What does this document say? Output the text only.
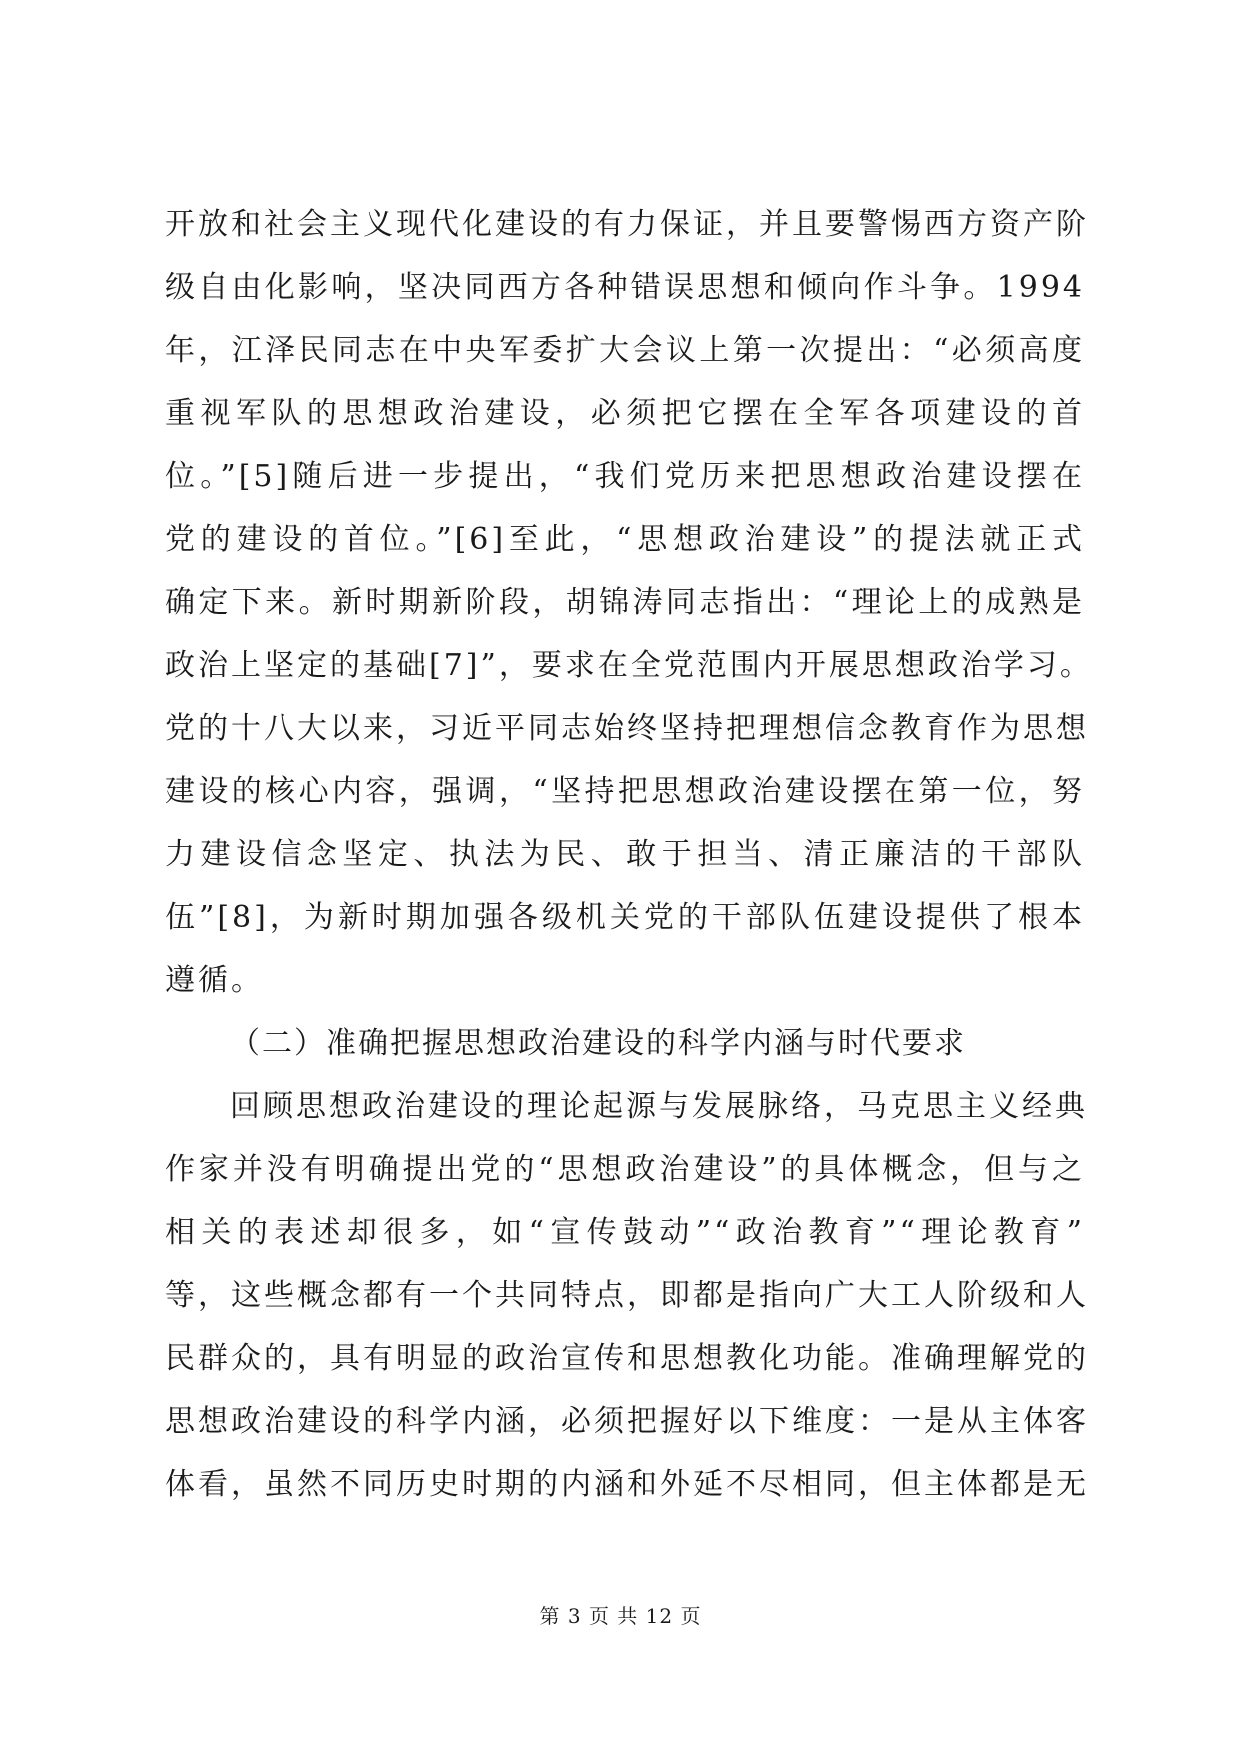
开放和社会主义现代化建设的有力保证，并且要警惕西方资产阶
级自由化影响，坚决同西方各种错误思想和倾向作斗争。1994
年，江泽民同志在中央军委扩大会议上第一次提出：“必须高度
重视军队的思想政治建设，必须把它摆在全军各项建设的首
位。”[5]随后进一步提出，“我们党历来把思想政治建设摆在
党的建设的首位。”[6]至此，“思想政治建设”的提法就正式
确定下来。新时期新阶段，胡锦涛同志指出：“理论上的成熟是
政治上坚定的基础[7]”，要求在全党范围内开展思想政治学习。
党的十八大以来，习近平同志始终坚持把理想信念教育作为思想
建设的核心内容，强调，“坚持把思想政治建设摆在第一位，努
力建设信念坚定、执法为民、敢于担当、清正廉洁的干部队
伍”[8]，为新时期加强各级机关党的干部队伍建设提供了根本
遵循。
（二）准确把握思想政治建设的科学内涵与时代要求
回顾思想政治建设的理论起源与发展脉络，马克思主义经典
作家并没有明确提出党的“思想政治建设”的具体概念，但与之
相关的表述却很多，如“宣传鼓动”“政治教育”“理论教育”
等，这些概念都有一个共同特点，即都是指向广大工人阶级和人
民群众的，具有明显的政治宣传和思想教化功能。准确理解党的
思想政治建设的科学内涵，必须把握好以下维度：一是从主体客
体看，虽然不同历史时期的内涵和外延不尽相同，但主体都是无
第 3 页 共 12 页
